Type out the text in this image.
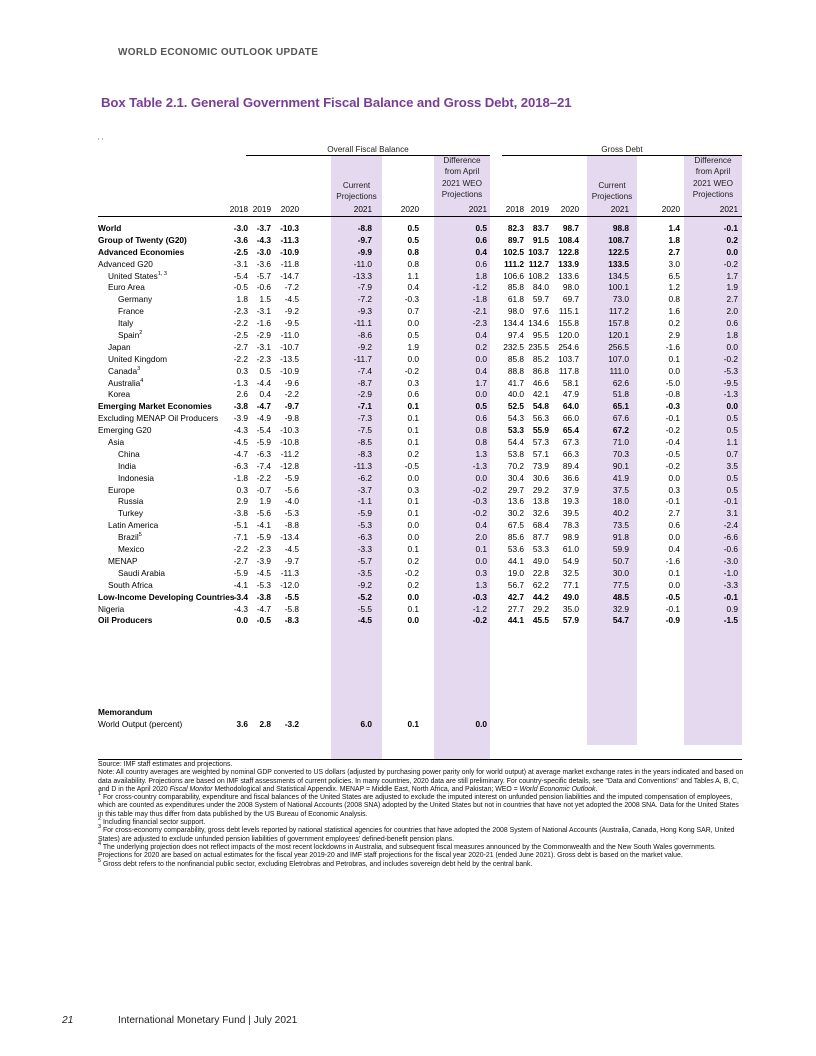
WORLD ECONOMIC OUTLOOK UPDATE
Box Table 2.1. General Government Fiscal Balance and Gross Debt, 2018–21
' '
Overall Fiscal Balance	Gross Debt
Current
Projections
Difference
from April
2021 WEO
Projections
Current
Projections
Difference
from April
2021 WEO
Projections
2018 2019	2020	2021	2020	2021 2018 2019	2020	2021	2020	2021
World	-3.0	-3.7	-10.3	-8.8	0.5	0.5	82.3	83.7	98.7	98.8	1.4	-0.1
Group of Twenty (G20)	-3.6	-4.3	-11.3	-9.7	0.5	0.6	89.7	91.5	108.4	108.7	1.8	0.2
Advanced Economies	-2.5	-3.0	-10.9	-9.9	0.8	0.4	102.5 103.7	122.8	122.5	2.7	0.0
Advanced G20	-3.1	-3.6	-11.8	-11.0	0.8	0.6	111.2 112.7	133.9	133.5	3.0	-0.2
United States$^{1, 3}$	-5.4	-5.7	-14.7	-13.3	1.1	1.8	106.6 108.2	133.6	134.5	6.5	1.7
Euro Area	-0.5	-0.6	-7.2	-7.9	0.4	-1.2	85.8	84.0	98.0	100.1	1.2	1.9
Germany	1.8	1.5	-4.5	-7.2	-0.3	-1.8	61.8	59.7	69.7	73.0	0.8	2.7
France	-2.3	-3.1	-9.2	-9.3	0.7	-2.1	98.0	97.6	115.1	117.2	1.6	2.0
Italy	-2.2	-1.6	-9.5	-11.1	0.0	-2.3	134.4 134.6	155.8	157.8	0.2	0.6
Spain$^2$	-2.5	-2.9	-11.0	-8.6	0.5	0.4	97.4	95.5	120.0	120.1	2.9	1.8
Japan	-2.7	-3.1	-10.7	-9.2	1.9	0.2	232.5 235.5	254.6	256.5	-1.6	0.0
United Kingdom	-2.2	-2.3	-13.5	-11.7	0.0	0.0	85.8	85.2	103.7	107.0	0.1	-0.2
Canada$^3$	0.3	0.5	-10.9	-7.4	-0.2	0.4	88.8	86.8	117.8	111.0	0.0	-5.3
Australia$^4$	-1.3	-4.4	-9.6	-8.7	0.3	1.7	41.7	46.6	58.1	62.6	-5.0	-9.5
Korea	2.6	0.4	-2.2	-2.9	0.6	0.0	40.0	42.1	47.9	51.8	-0.8	-1.3
Emerging Market Economies	-3.8	-4.7	-9.7	-7.1	0.1	0.5	52.5	54.8	64.0	65.1	-0.3	0.0
Excluding MENAP Oil Producers	-3.9	-4.9	-9.8	-7.3	0.1	0.6	54.3	56.3	66.0	67.6	-0.1	0.5
Emerging G20	-4.3	-5.4	-10.3	-7.5	0.1	0.8	53.3	55.9	65.4	67.2	-0.2	0.5
Asia	-4.5	-5.9	-10.8	-8.5	0.1	0.8	54.4	57.3	67.3	71.0	-0.4	1.1
China	-4.7	-6.3	-11.2	-8.3	0.2	1.3	53.8	57.1	66.3	70.3	-0.5	0.7
India	-6.3	-7.4	-12.8	-11.3	-0.5	-1.3	70.2	73.9	89.4	90.1	-0.2	3.5
Indonesia	-1.8	-2.2	-5.9	-6.2	0.0	0.0	30.4	30.6	36.6	41.9	0.0	0.5
Europe	0.3	-0.7	-5.6	-3.7	0.3	-0.2	29.7	29.2	37.9	37.5	0.3	0.5
Russia	2.9	1.9	-4.0	-1.1	0.1	-0.3	13.6	13.8	19.3	18.0	-0.1	-0.1
Turkey	-3.8	-5.6	-5.3	-5.9	0.1	-0.2	30.2	32.6	39.5	40.2	2.7	3.1
Latin America	-5.1	-4.1	-8.8	-5.3	0.0	0.4	67.5	68.4	78.3	73.5	0.6	-2.4
Brazil$^5$	-7.1	-5.9	-13.4	-6.3	0.0	2.0	85.6	87.7	98.9	91.8	0.0	-6.6
Mexico	-2.2	-2.3	-4.5	-3.3	0.1	0.1	53.6	53.3	61.0	59.9	0.4	-0.6
MENAP	-2.7	-3.9	-9.7	-5.7	0.2	0.0	44.1	49.0	54.9	50.7	-1.6	-3.0
Saudi Arabia	-5.9	-4.5	-11.3	-3.5	-0.2	0.3	19.0	22.8	32.5	30.0	0.1	-1.0
South Africa	-4.1	-5.3	-12.0	-9.2	0.2	1.3	56.7	62.2	77.1	77.5	0.0	-3.3
Low-Income Developing Countries -3.4	-3.8	-5.5	-5.2	0.0	-0.3	42.7	44.2	49.0	48.5	-0.5	-0.1
Nigeria	-4.3	-4.7	-5.8	-5.5	0.1	-1.2	27.7	29.2	35.0	32.9	-0.1	0.9
Oil Producers	0.0	-0.5	-8.3	-4.5	0.0	-0.2	44.1	45.5	57.9	54.7	-0.9	-1.5
Memorandum
World Output (percent)	3.6	2.8	-3.2	6.0	0.1	0.0

Source: IMF staff estimates and projections.

Note: All country averages are weighted by nominal GDP converted to US dollars (adjusted by purchasing power parity only for world output) at average market exchange rates in the years indicated and based on data availability. Projections are based on IMF staff assessments of current policies. In many countries, 2020 data are still preliminary. For country-specific details, see "Data and Conventions" and Tables A, B, C, and D in the April 2020 Fiscal Monitor Methodological and Statistical Appendix. MENAP = Middle East, North Africa, and Pakistan; WEO = World Economic Outlook.

$^1$ For cross-country comparability, expenditure and fiscal balances of the United States are adjusted to exclude the imputed interest on unfunded pension liabilities and the imputed compensation of employees, which are counted as expenditures under the 2008 System of National Accounts (2008 SNA) adopted by the United States but not in countries that have not yet adopted the 2008 SNA. Data for the United States in this table may thus differ from data published by the US Bureau of Economic Analysis.

$^2$ Including financial sector support.

$^3$ For cross-economy comparability, gross debt levels reported by national statistical agencies for countries that have adopted the 2008 System of National Accounts (Australia, Canada, Hong Kong SAR, United States) are adjusted to exclude unfunded pension liabilities of government employees' defined-benefit pension plans.

$^4$ The underlying projection does not reflect impacts of the most recent lockdowns in Australia, and subsequent fiscal measures announced by the Commonwealth and the New South Wales governments. Projections for 2020 are based on actual estimates for the fiscal year 2019-20 and IMF staff projections for the fiscal year 2020-21 (ended June 2021). Gross debt is based on the market value.

$^5$ Gross debt refers to the nonfinancial public sector, excluding Eletrobras and Petrobras, and includes sovereign debt held by the central bank.

21	International Monetary Fund | July 2021
